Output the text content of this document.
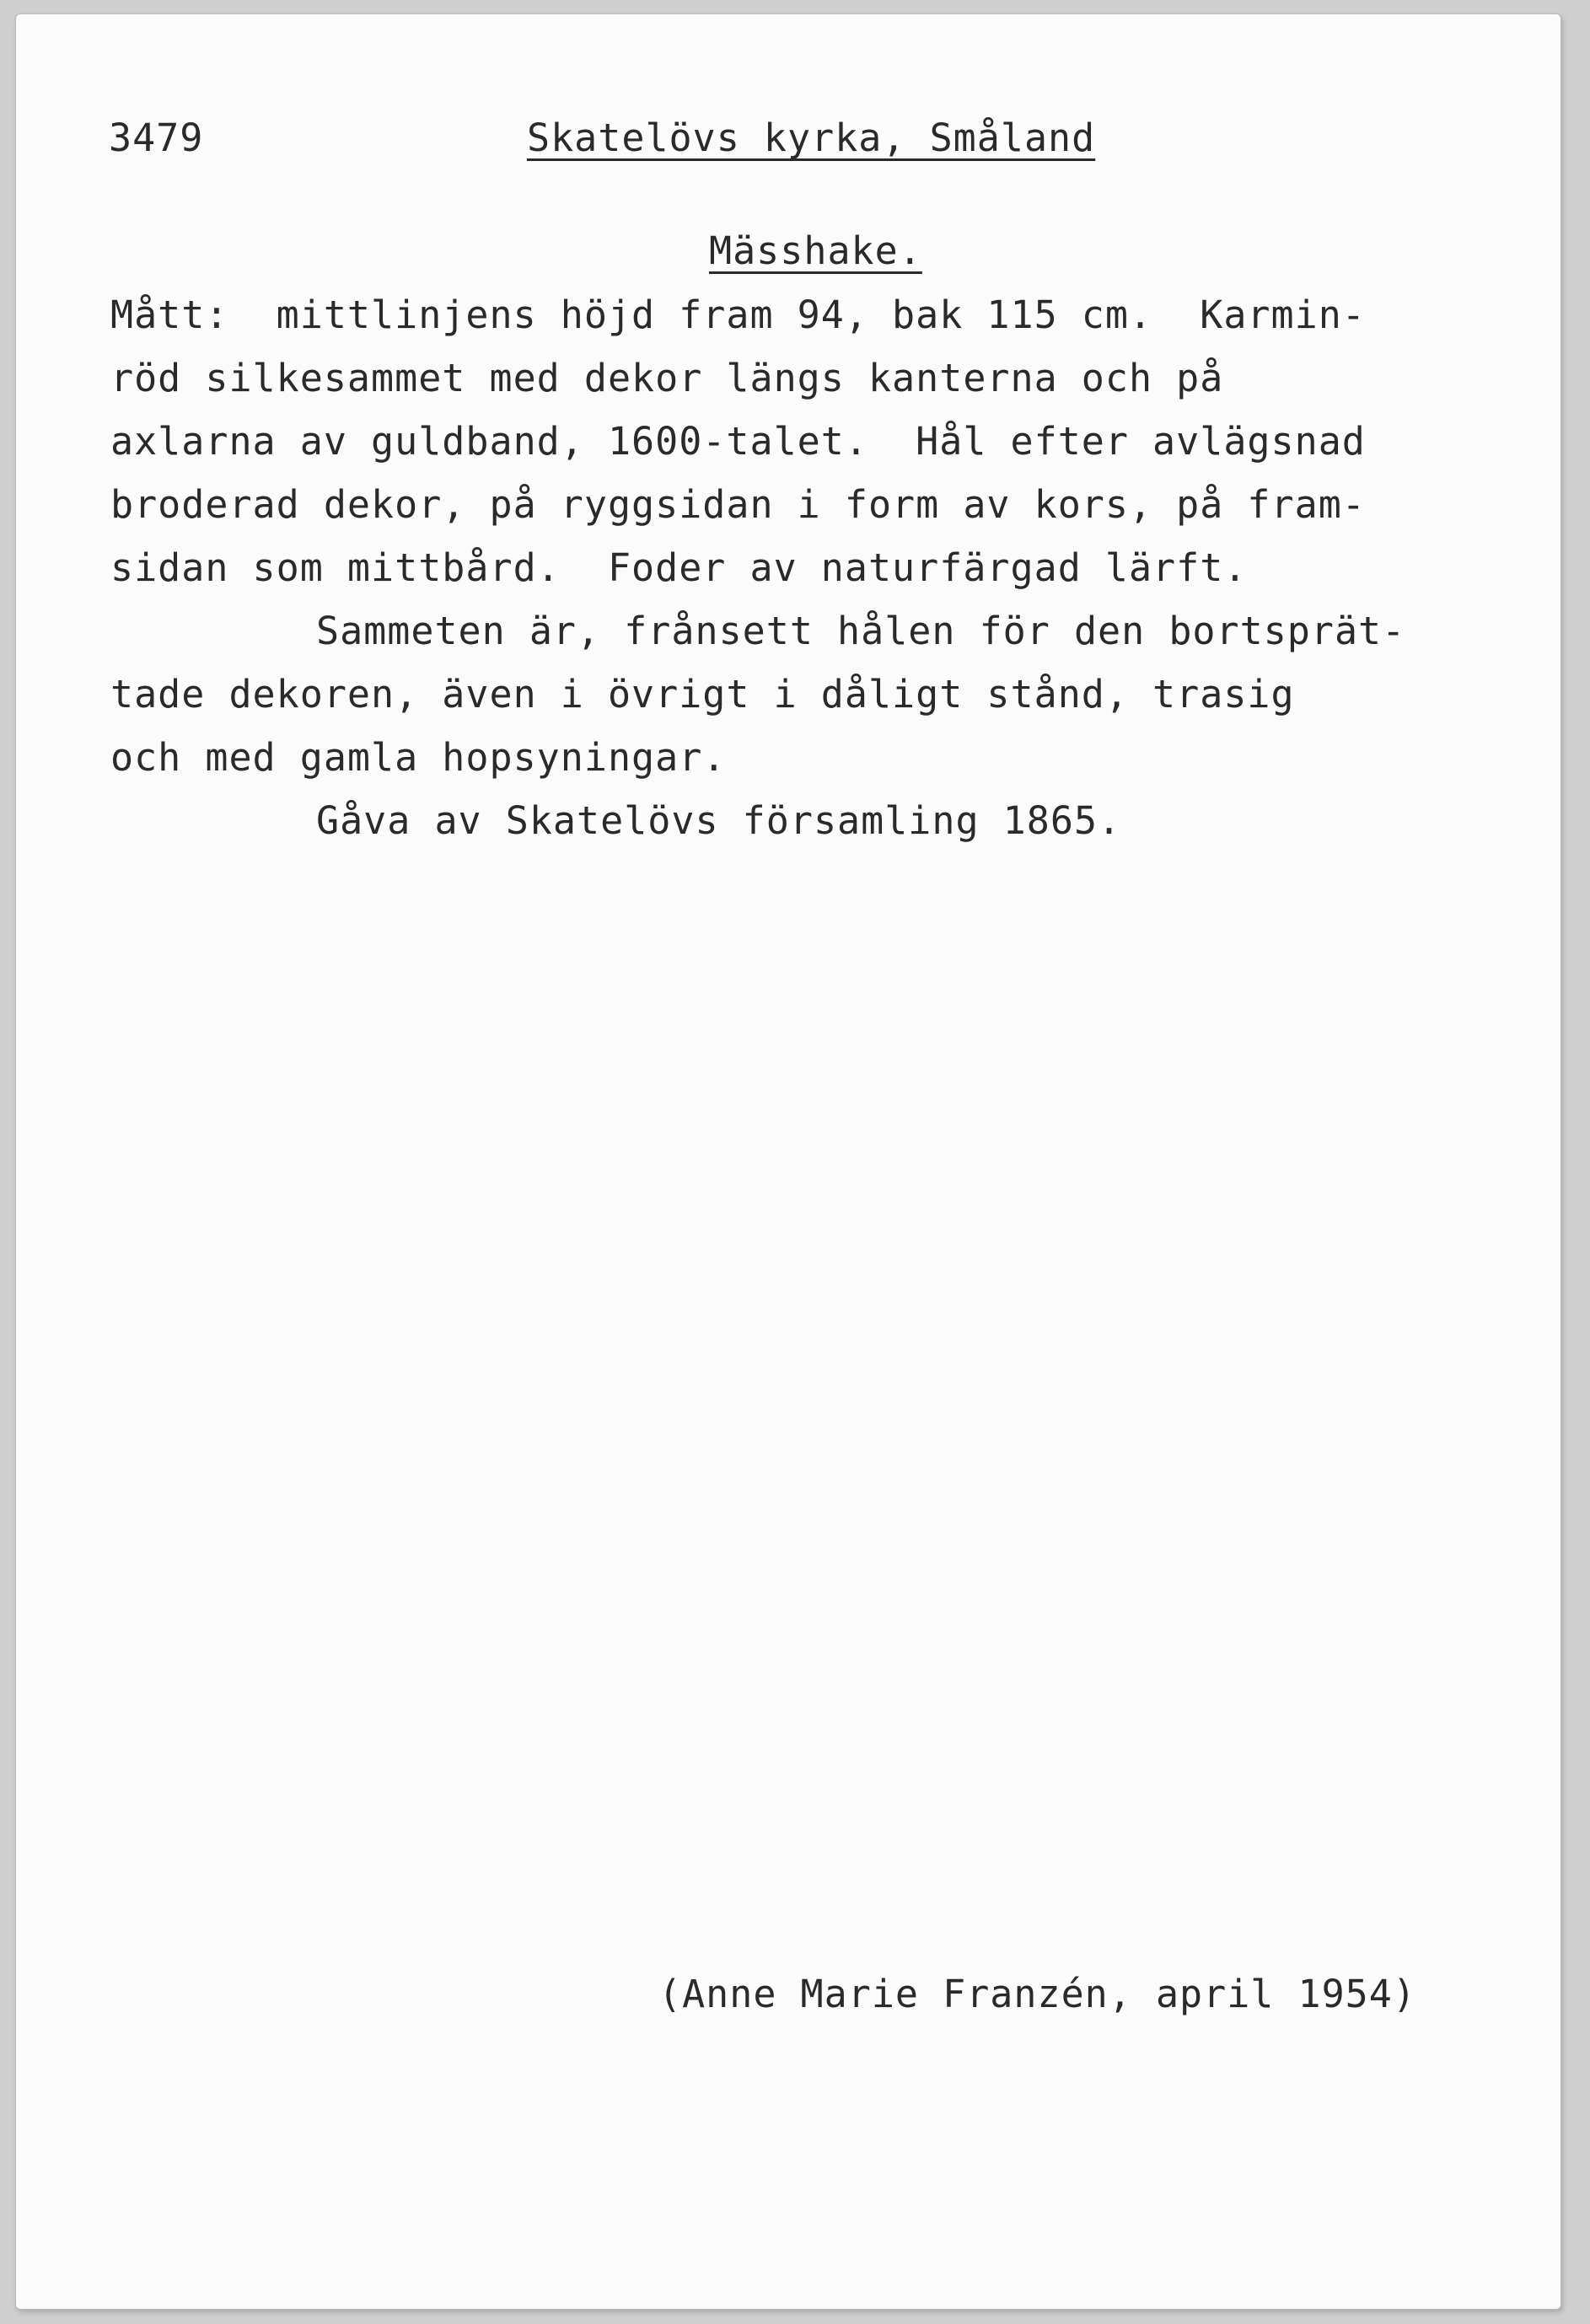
3479	Skatelövs kyrka, Småland
Mässhake.
Mått:  mittlinjens höjd fram 94, bak 115 cm.  Karmin-
röd silkesammet med dekor längs kanterna och på
axlarna av guldband, 1600-talet.  Hål efter avlägsnad
broderad dekor, på ryggsidan i form av kors, på fram-
sidan som mittbård.  Foder av naturfärgad lärft.
Sammeten är, frånsett hålen för den bortsprät-
tade dekoren, även i övrigt i dåligt stånd, trasig
och med gamla hopsyningar.
Gåva av Skatelövs församling 1865.
(Anne Marie Franzén, april 1954)
